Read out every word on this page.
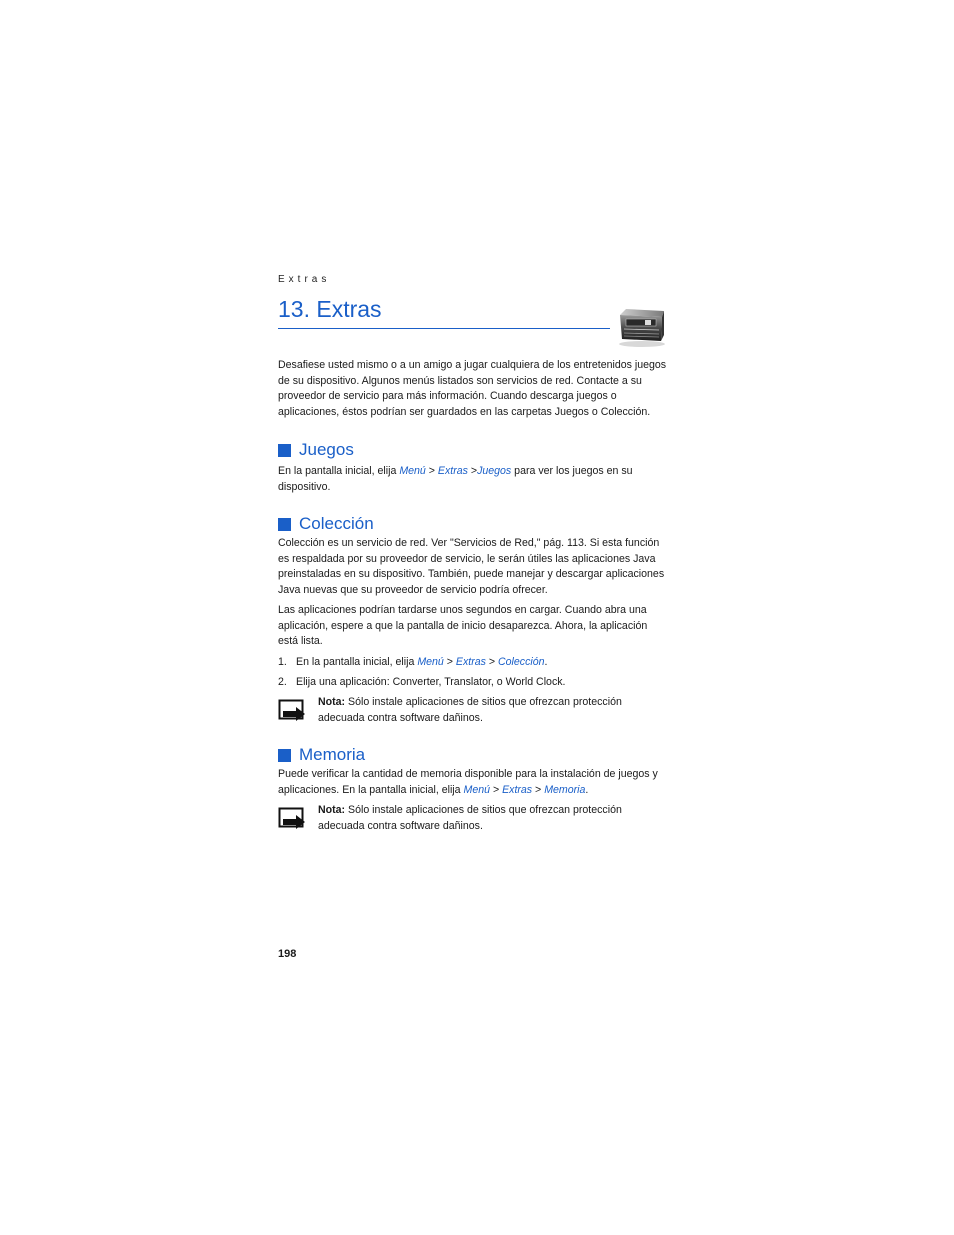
Extras
13. Extras

Desafiese usted mismo o a un amigo a jugar cualquiera de los entretenidos juegos de su dispositivo. Algunos menús listados son servicios de red. Contacte a su proveedor de servicio para más información. Cuando descarga juegos o aplicaciones, éstos podrían ser guardados en las carpetas Juegos o Colección.

Juegos

En la pantalla inicial, elija Menú > Extras >Juegos para ver los juegos en su dispositivo.

Colección

Colección es un servicio de red. Ver "Servicios de Red," pág. 113. Si esta función es respaldada por su proveedor de servicio, le serán útiles las aplicaciones Java preinstaladas en su dispositivo. También, puede manejar y descargar aplicaciones Java nuevas que su proveedor de servicio podría ofrecer.

Las aplicaciones podrían tardarse unos segundos en cargar. Cuando abra una aplicación, espere a que la pantalla de inicio desaparezca. Ahora, la aplicación está lista.

1. En la pantalla inicial, elija Menú > Extras > Colección.
2. Elija una aplicación: Converter, Translator, o World Clock.

Nota: Sólo instale aplicaciones de sitios que ofrezcan protección adecuada contra software dañinos.

Memoria

Puede verificar la cantidad de memoria disponible para la instalación de juegos y aplicaciones. En la pantalla inicial, elija Menú > Extras > Memoria.

Nota: Sólo instale aplicaciones de sitios que ofrezcan protección adecuada contra software dañinos.

198
